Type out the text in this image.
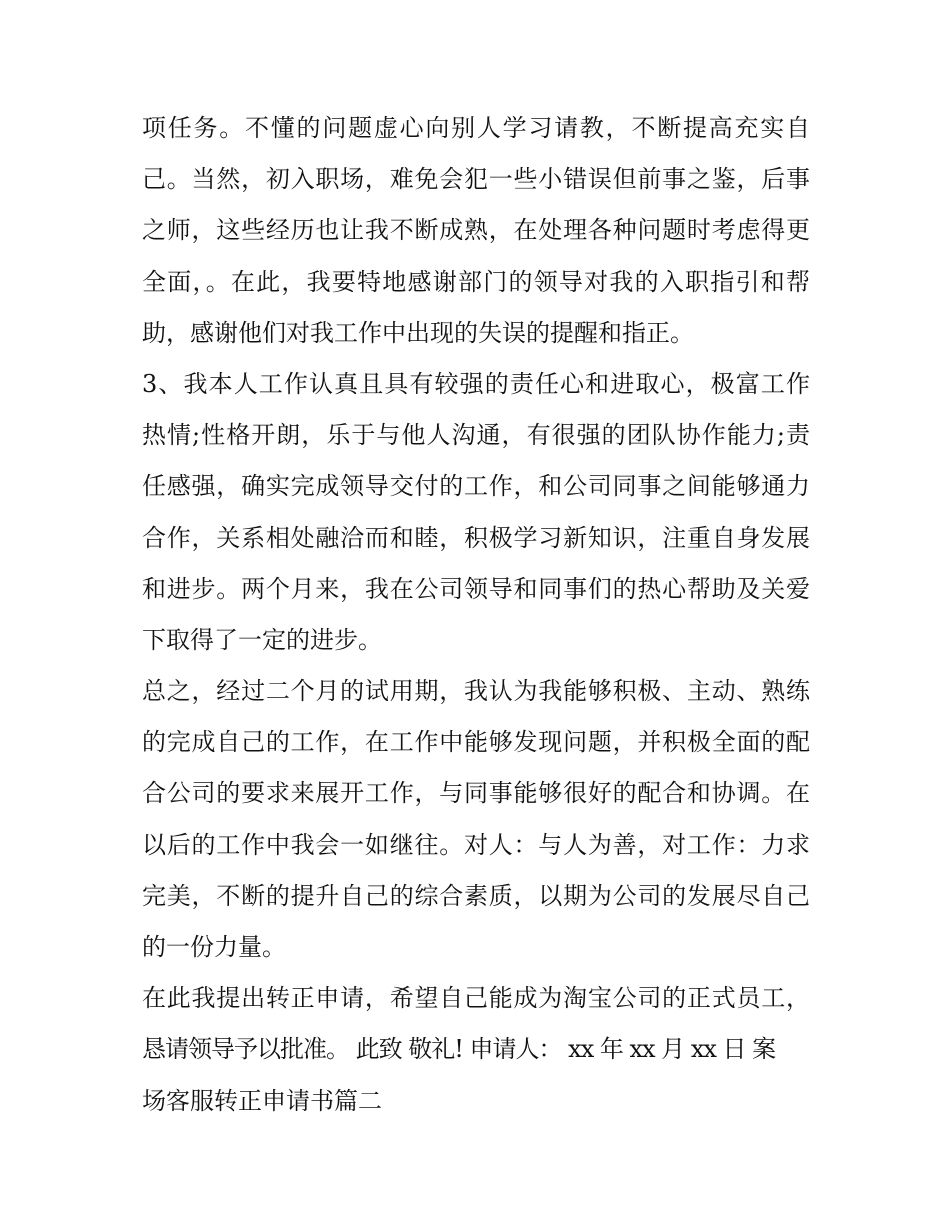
项任务。不懂的问题虚心向别人学习请教，不断提高充实自
己。当然，初入职场，难免会犯一些小错误但前事之鉴，后事
之师，这些经历也让我不断成熟，在处理各种问题时考虑得更
全面，。在此，我要特地感谢部门的领导对我的入职指引和帮
助，感谢他们对我工作中出现的失误的提醒和指正。
3、我本人工作认真且具有较强的责任心和进取心，极富工作
热情;性格开朗，乐于与他人沟通，有很强的团队协作能力;责
任感强，确实完成领导交付的工作，和公司同事之间能够通力
合作，关系相处融洽而和睦，积极学习新知识，注重自身发展
和进步。两个月来，我在公司领导和同事们的热心帮助及关爱
下取得了一定的进步。
总之，经过二个月的试用期，我认为我能够积极、主动、熟练
的完成自己的工作，在工作中能够发现问题，并积极全面的配
合公司的要求来展开工作，与同事能够很好的配合和协调。在
以后的工作中我会一如继往。对人：与人为善，对工作：力求
完美，不断的提升自己的综合素质，以期为公司的发展尽自己
的一份力量。
在此我提出转正申请，希望自己能成为淘宝公司的正式员工，
恳请领导予以批准。 此致 敬礼! 申请人： xx 年 xx 月 xx 日 案
场客服转正申请书篇二
